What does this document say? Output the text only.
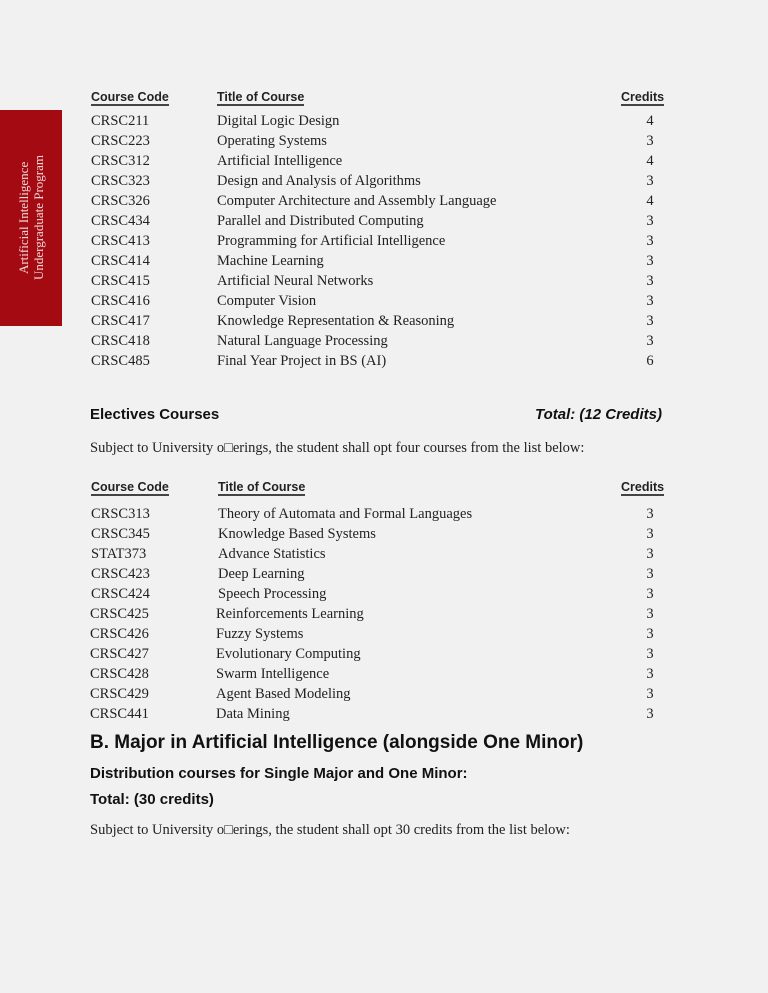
Artificial Intelligence Undergraduate Program
Course Code	Title of Course	Credits
CRSC211	Digital Logic Design	4
CRSC223	Operating Systems	3
CRSC312	Artificial Intelligence	4
CRSC323	Design and Analysis of Algorithms	3
CRSC326	Computer Architecture and Assembly Language	4
CRSC434	Parallel and Distributed Computing	3
CRSC413	Programming for Artificial Intelligence	3
CRSC414	Machine Learning	3
CRSC415	Artificial Neural Networks	3
CRSC416	Computer Vision	3
CRSC417	Knowledge Representation & Reasoning	3
CRSC418	Natural Language Processing	3
CRSC485	Final Year Project in BS (AI)	6
Electives Courses	Total: (12 Credits)
Subject to University o□erings, the student shall opt four courses from the list below:
Course Code	Title of Course	Credits
CRSC313	Theory of Automata and Formal Languages	3
CRSC345	Knowledge Based Systems	3
STAT373	Advance Statistics	3
CRSC423	Deep Learning	3
CRSC424	Speech Processing	3
CRSC425	Reinforcements Learning	3
CRSC426	Fuzzy Systems	3
CRSC427	Evolutionary Computing	3
CRSC428	Swarm Intelligence	3
CRSC429	Agent Based Modeling	3
CRSC441	Data Mining	3
B. Major in Artificial Intelligence (alongside One Minor)
Distribution courses for Single Major and One Minor:
Total: (30 credits)
Subject to University o□erings, the student shall opt 30 credits from the list below:
